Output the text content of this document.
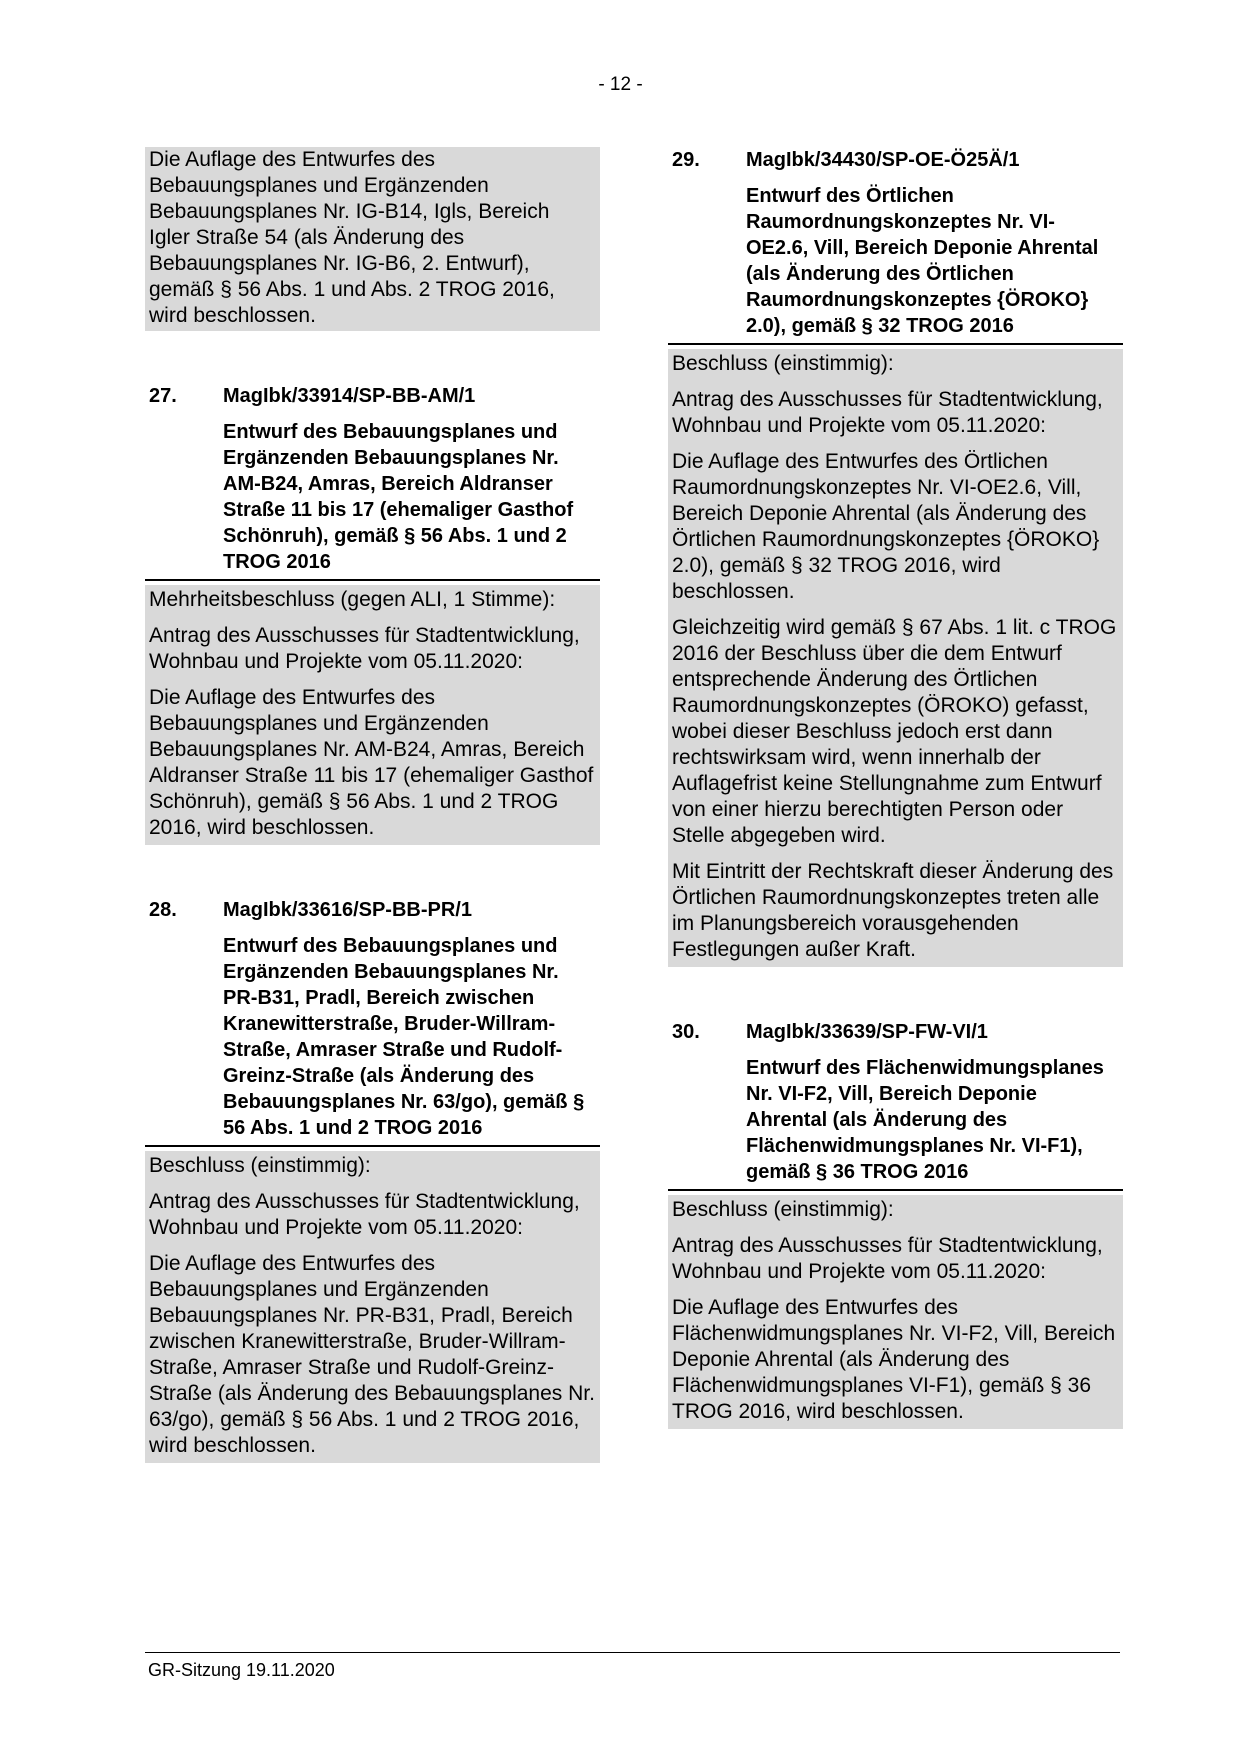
- 12 -

Die Auflage des Entwurfes des Bebauungsplanes und Ergänzenden Bebauungsplanes Nr. IG-B14, Igls, Bereich Igler Straße 54 (als Änderung des Bebauungsplanes Nr. IG-B6, 2. Entwurf), gemäß § 56 Abs. 1 und Abs. 2 TROG 2016, wird beschlossen.

27.	MagIbk/33914/SP-BB-AM/1
Entwurf des Bebauungsplanes und Ergänzenden Bebauungsplanes Nr. AM-B24, Amras, Bereich Aldranser Straße 11 bis 17 (ehemaliger Gasthof Schönruh), gemäß § 56 Abs. 1 und 2 TROG 2016

Mehrheitsbeschluss (gegen ALI, 1 Stimme):

Antrag des Ausschusses für Stadtentwicklung, Wohnbau und Projekte vom 05.11.2020:

Die Auflage des Entwurfes des Bebauungsplanes und Ergänzenden Bebauungsplanes Nr. AM-B24, Amras, Bereich Aldranser Straße 11 bis 17 (ehemaliger Gasthof Schönruh), gemäß § 56 Abs. 1 und 2 TROG 2016, wird beschlossen.

28.	MagIbk/33616/SP-BB-PR/1
Entwurf des Bebauungsplanes und Ergänzenden Bebauungsplanes Nr. PR-B31, Pradl, Bereich zwischen Kranewitterstraße, Bruder-Willram-Straße, Amraser Straße und Rudolf-Greinz-Straße (als Änderung des Bebauungsplanes Nr. 63/go), gemäß § 56 Abs. 1 und 2 TROG 2016

Beschluss (einstimmig):

Antrag des Ausschusses für Stadtentwicklung, Wohnbau und Projekte vom 05.11.2020:

Die Auflage des Entwurfes des Bebauungsplanes und Ergänzenden Bebauungsplanes Nr. PR-B31, Pradl, Bereich zwischen Kranewitterstraße, Bruder-Willram-Straße, Amraser Straße und Rudolf-Greinz-Straße (als Änderung des Bebauungsplanes Nr. 63/go), gemäß § 56 Abs. 1 und 2 TROG 2016, wird beschlossen.

29.	MagIbk/34430/SP-OE-Ö25Ä/1
Entwurf des Örtlichen Raumordnungskonzeptes Nr. VI-OE2.6, Vill, Bereich Deponie Ahrental (als Änderung des Örtlichen Raumordnungskonzeptes {ÖROKO} 2.0), gemäß § 32 TROG 2016

Beschluss (einstimmig):

Antrag des Ausschusses für Stadtentwicklung, Wohnbau und Projekte vom 05.11.2020:

Die Auflage des Entwurfes des Örtlichen Raumordnungskonzeptes Nr. VI-OE2.6, Vill, Bereich Deponie Ahrental (als Änderung des Örtlichen Raumordnungskonzeptes {ÖROKO} 2.0), gemäß § 32 TROG 2016, wird beschlossen.

Gleichzeitig wird gemäß § 67 Abs. 1 lit. c TROG 2016 der Beschluss über die dem Entwurf entsprechende Änderung des Örtlichen Raumordnungskonzeptes (ÖROKO) gefasst, wobei dieser Beschluss jedoch erst dann rechtswirksam wird, wenn innerhalb der Auflagefrist keine Stellungnahme zum Entwurf von einer hierzu berechtigten Person oder Stelle abgegeben wird.

Mit Eintritt der Rechtskraft dieser Änderung des Örtlichen Raumordnungskonzeptes treten alle im Planungsbereich vorausgehenden Festlegungen außer Kraft.

30.	MagIbk/33639/SP-FW-VI/1
Entwurf des Flächenwidmungsplanes Nr. VI-F2, Vill, Bereich Deponie Ahrental (als Änderung des Flächenwidmungsplanes Nr. VI-F1), gemäß § 36 TROG 2016

Beschluss (einstimmig):

Antrag des Ausschusses für Stadtentwicklung, Wohnbau und Projekte vom 05.11.2020:

Die Auflage des Entwurfes des Flächenwidmungsplanes Nr. VI-F2, Vill, Bereich Deponie Ahrental (als Änderung des Flächenwidmungsplanes VI-F1), gemäß § 36 TROG 2016, wird beschlossen.

GR-Sitzung 19.11.2020
